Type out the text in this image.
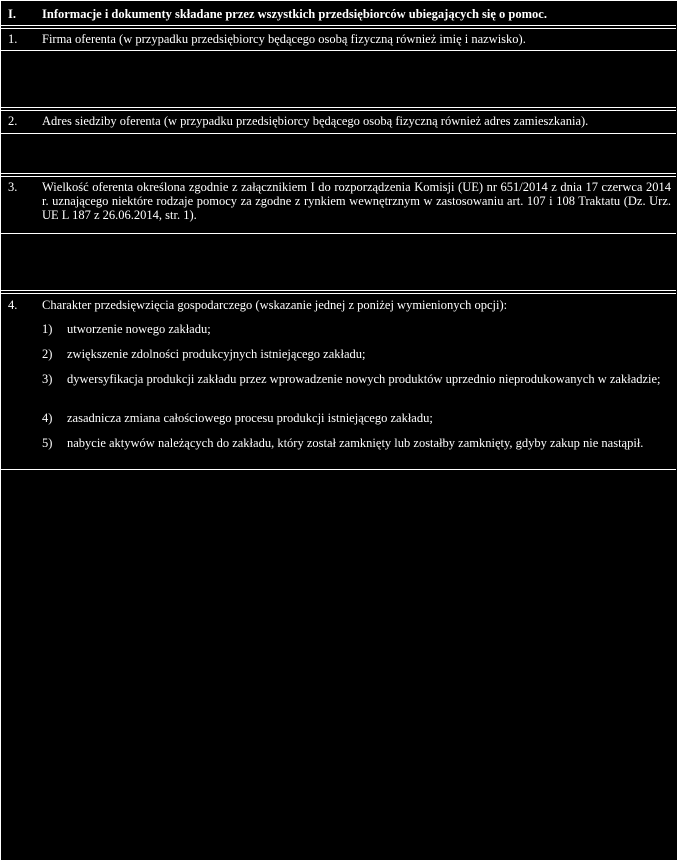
I. Informacje i dokumenty składane przez wszystkich przedsiębiorców ubiegających się o pomoc.
1. Firma oferenta (w przypadku przedsiębiorcy będącego osobą fizyczną również imię i nazwisko).
2. Adres siedziby oferenta (w przypadku przedsiębiorcy będącego osobą fizyczną również adres zamieszkania).
3. Wielkość oferenta określona zgodnie z załącznikiem I do rozporządzenia Komisji (UE) nr 651/2014 z dnia 17 czerwca 2014 r. uznającego niektóre rodzaje pomocy za zgodne z rynkiem wewnętrznym w zastosowaniu art. 107 i 108 Traktatu (Dz. Urz. UE L 187 z 26.06.2014, str. 1).
4. Charakter przedsięwzięcia gospodarczego (wskazanie jednej z poniżej wymienionych opcji):
1) utworzenie nowego zakładu;
2) zwiększenie zdolności produkcyjnych istniejącego zakładu;
3) dywersyfikacja produkcji zakładu przez wprowadzenie nowych produktów uprzednio nieprodukowanych w zakładzie;
4) zasadnicza zmiana całościowego procesu produkcji istniejącego zakładu;
5) nabycie aktywów należących do zakładu, który został zamknięty lub zostałby zamknięty, gdyby zakup nie nastąpił.
